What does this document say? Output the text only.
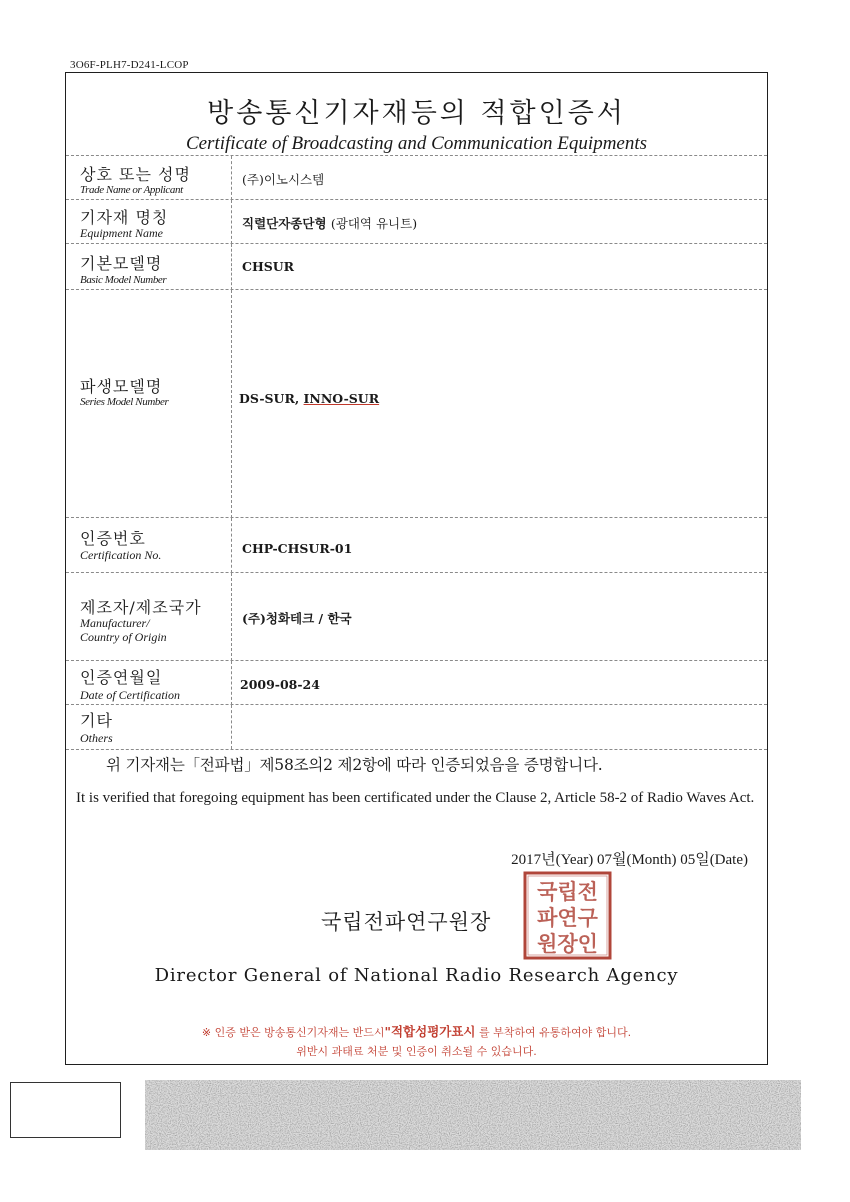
3O6F-PLH7-D241-LCOP
방송통신기자재등의 적합인증서
Certificate of Broadcasting and Communication Equipments
상호 또는 성명
Trade Name or Applicant
(주)이노시스템
기자재 명칭
Equipment Name
직렬단자종단형 (광대역 유니트)
기본모델명
Basic Model Number
CHSUR
파생모델명
Series Model Number	DS-SUR, INNO-SUR
인증번호
Certification No.	CHP-CHSUR-01
제조자/제조국가
Manufacturer/
Country of Origin
(주)청화테크 / 한국
인증연월일
Date of Certification
2009-08-24
기타
Others
위 기자재는「전파법」제58조의2 제2항에 따라 인증되었음을 증명합니다.
It is verified that foregoing equipment has been certificated under the Clause 2, Article 58-2 of Radio Waves Act.
2017년(Year) 07월(Month) 05일(Date)
국립전파연구원장
국립전
파연구
원장인
Director General of National Radio Research Agency
※ 인증 받은 방송통신기자재는 반드시"적합성평가표시 를 부착하여 유통하여야 합니다.
위반시 과태료 처분 및 인증이 취소될 수 있습니다.
